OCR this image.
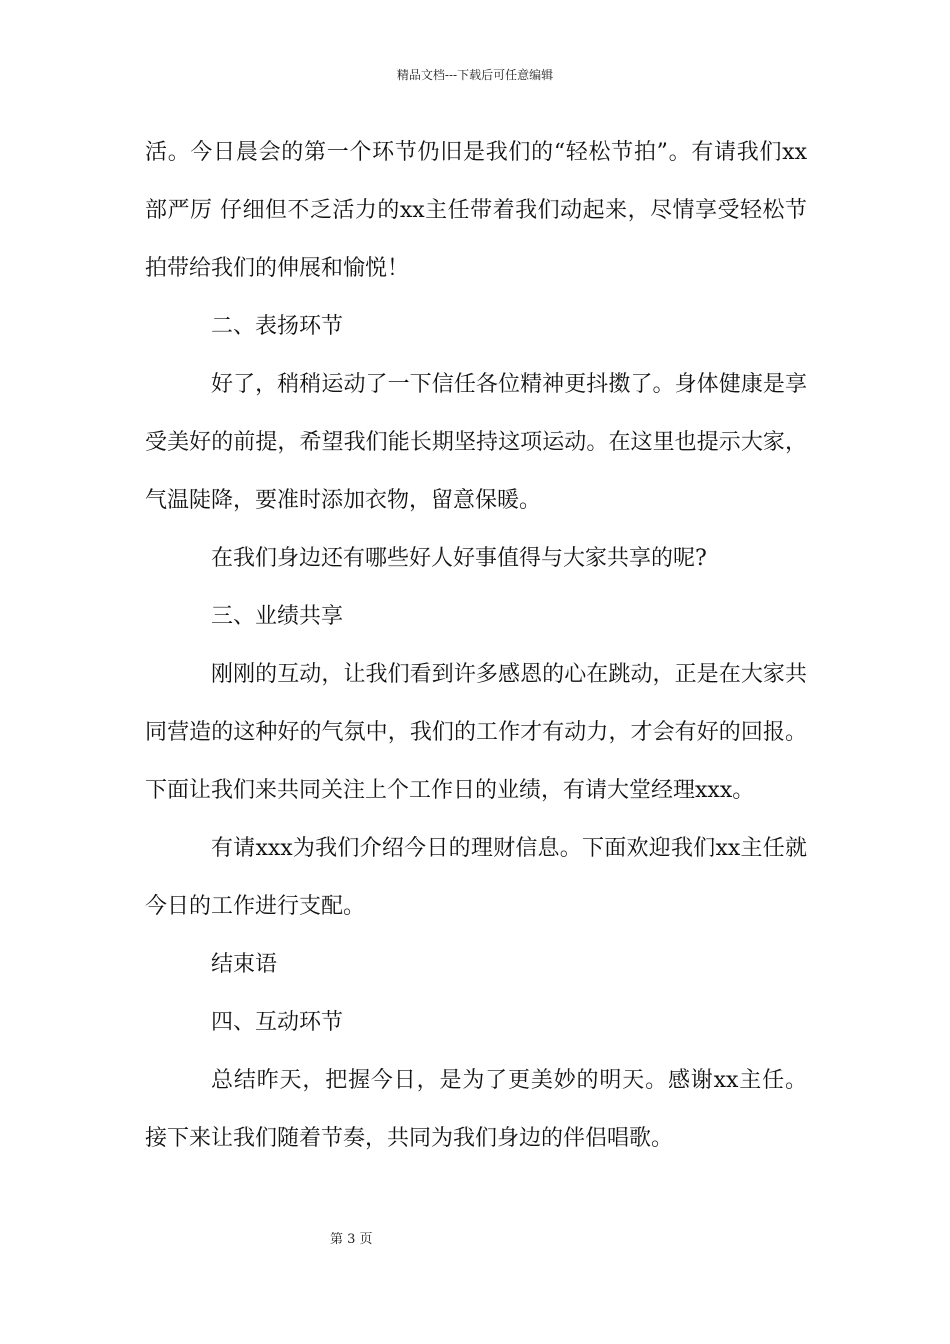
精品文档---下载后可任意编辑

活。今日晨会的第一个环节仍旧是我们的“轻松节拍”。有请我们xx部严厉 仔细但不乏活力的xx主任带着我们动起来，尽情享受轻松节拍带给我们的伸展和愉悦！

二、表扬环节

好了，稍稍运动了一下信任各位精神更抖擞了。身体健康是享受美好的前提，希望我们能长期坚持这项运动。在这里也提示大家，气温陡降，要准时添加衣物，留意保暖。

在我们身边还有哪些好人好事值得与大家共享的呢?

三、业绩共享

刚刚的互动，让我们看到许多感恩的心在跳动，正是在大家共同营造的这种好的气氛中，我们的工作才有动力，才会有好的回报。下面让我们来共同关注上个工作日的业绩，有请大堂经理xxx。

有请xxx为我们介绍今日的理财信息。下面欢迎我们xx主任就今日的工作进行支配。

结束语

四、互动环节

总结昨天，把握今日，是为了更美妙的明天。感谢xx主任。接下来让我们随着节奏，共同为我们身边的伴侣唱歌。

第 3 页
